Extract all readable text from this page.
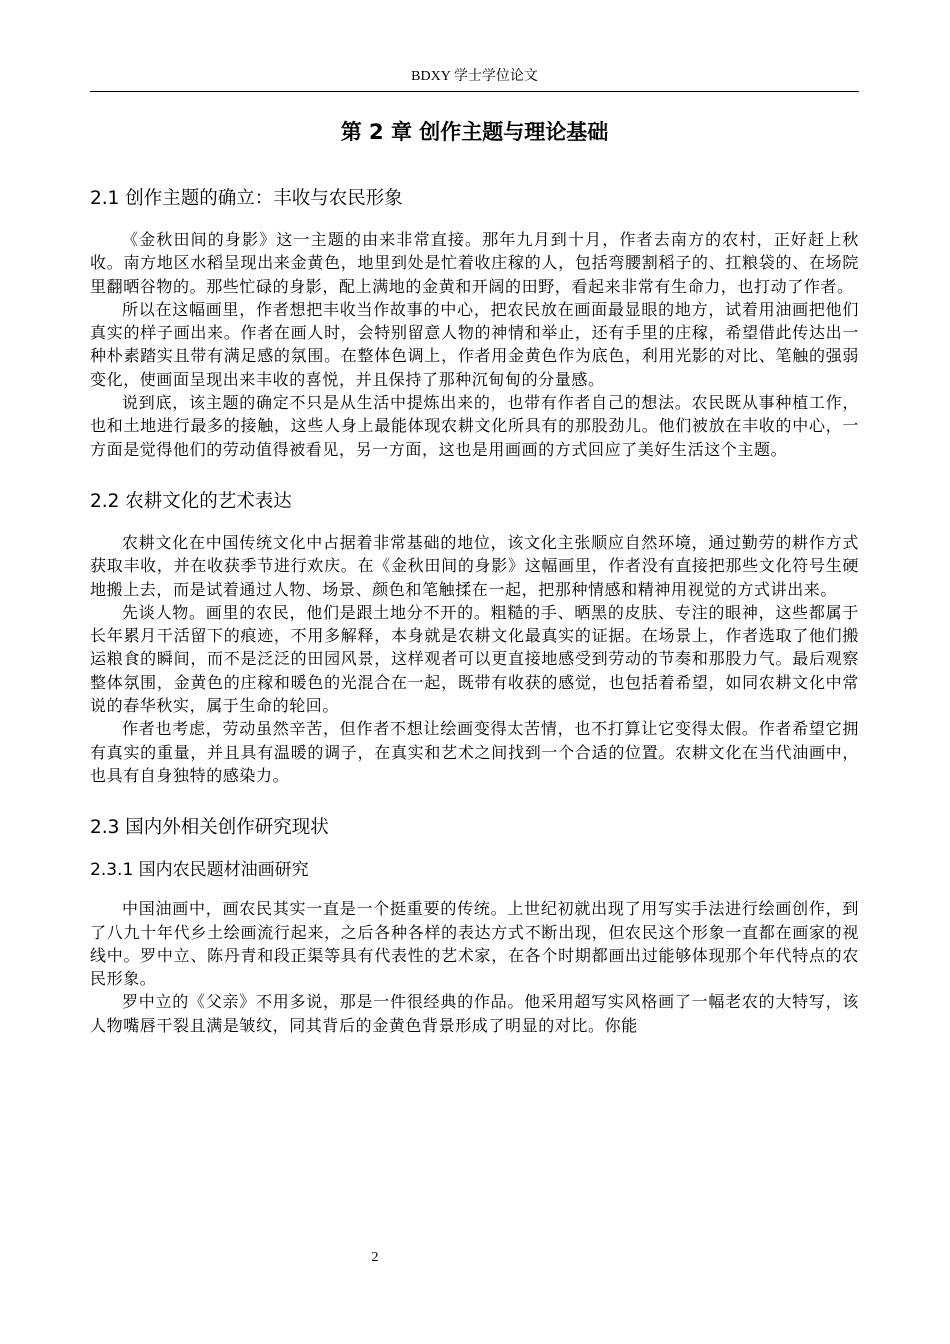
BDXY 学士学位论文
第 2 章 创作主题与理论基础
2.1 创作主题的确立：丰收与农民形象

《金秋田间的身影》这一主题的由来非常直接。那年九月到十月，作者去南方的农村，正好赶上秋收。南方地区水稻呈现出来金黄色，地里到处是忙着收庄稼的人，包括弯腰割稻子的、扛粮袋的、在场院里翻晒谷物的。那些忙碌的身影，配上满地的金黄和开阔的田野，看起来非常有生命力，也打动了作者。

所以在这幅画里，作者想把丰收当作故事的中心，把农民放在画面最显眼的地方，试着用油画把他们真实的样子画出来。作者在画人时，会特别留意人物的神情和举止，还有手里的庄稼，希望借此传达出一种朴素踏实且带有满足感的氛围。在整体色调上，作者用金黄色作为底色，利用光影的对比、笔触的强弱变化，使画面呈现出来丰收的喜悦，并且保持了那种沉甸甸的分量感。

说到底，该主题的确定不只是从生活中提炼出来的，也带有作者自己的想法。农民既从事种植工作，也和土地进行最多的接触，这些人身上最能体现农耕文化所具有的那股劲儿。他们被放在丰收的中心，一方面是觉得他们的劳动值得被看见，另一方面，这也是用画画的方式回应了美好生活这个主题。

2.2 农耕文化的艺术表达

农耕文化在中国传统文化中占据着非常基础的地位，该文化主张顺应自然环境，通过勤劳的耕作方式获取丰收，并在收获季节进行欢庆。在《金秋田间的身影》这幅画里，作者没有直接把那些文化符号生硬地搬上去，而是试着通过人物、场景、颜色和笔触揉在一起，把那种情感和精神用视觉的方式讲出来。

先谈人物。画里的农民，他们是跟土地分不开的。粗糙的手、晒黑的皮肤、专注的眼神，这些都属于长年累月干活留下的痕迹，不用多解释，本身就是农耕文化最真实的证据。在场景上，作者选取了他们搬运粮食的瞬间，而不是泛泛的田园风景，这样观者可以更直接地感受到劳动的节奏和那股力气。最后观察整体氛围，金黄色的庄稼和暖色的光混合在一起，既带有收获的感觉，也包括着希望，如同农耕文化中常说的春华秋实，属于生命的轮回。

作者也考虑，劳动虽然辛苦，但作者不想让绘画变得太苦情，也不打算让它变得太假。作者希望它拥有真实的重量，并且具有温暖的调子，在真实和艺术之间找到一个合适的位置。农耕文化在当代油画中，也具有自身独特的感染力。

2.3 国内外相关创作研究现状
2.3.1 国内农民题材油画研究

中国油画中，画农民其实一直是一个挺重要的传统。上世纪初就出现了用写实手法进行绘画创作，到了八九十年代乡土绘画流行起来，之后各种各样的表达方式不断出现，但农民这个形象一直都在画家的视线中。罗中立、陈丹青和段正渠等具有代表性的艺术家，在各个时期都画出过能够体现那个年代特点的农民形象。

罗中立的《父亲》不用多说，那是一件很经典的作品。他采用超写实风格画了一幅老农的大特写，该人物嘴唇干裂且满是皱纹，同其背后的金黄色背景形成了明显的对比。你能

2
